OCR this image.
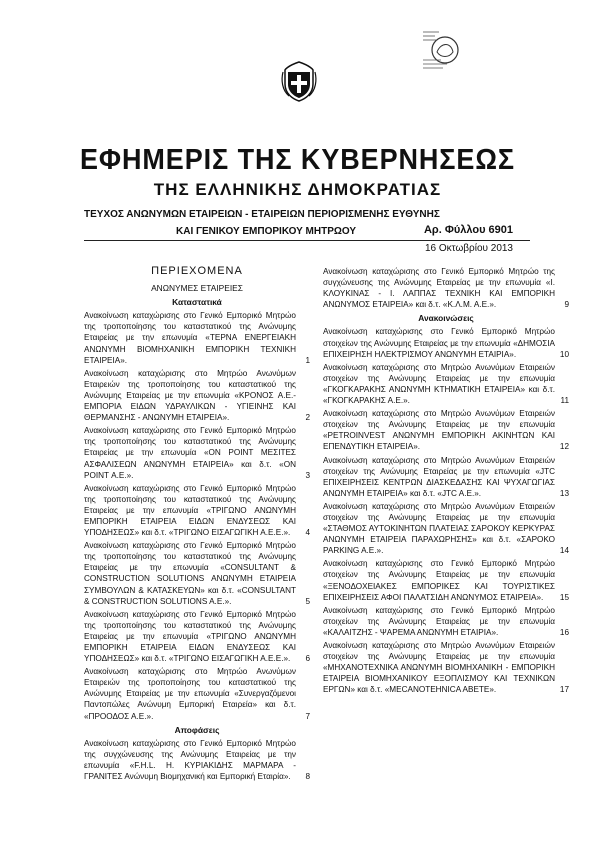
ΕΦΗΜΕΡΙΣ ΤΗΣ ΚΥΒΕΡΝΗΣΕΩΣ
ΤΗΣ ΕΛΛΗΝΙΚΗΣ ΔΗΜΟΚΡΑΤΙΑΣ
ΤΕΥΧΟΣ ΑΝΩΝΥΜΩΝ ΕΤΑΙΡΕΙΩΝ - ΕΤΑΙΡΕΙΩΝ ΠΕΡΙΟΡΙΣΜΕΝΗΣ ΕΥΘΥΝΗΣ
ΚΑΙ ΓΕΝΙΚΟΥ ΕΜΠΟΡΙΚΟΥ ΜΗΤΡΩΟΥ	Αρ. Φύλλου 6901
16 Οκτωβρίου 2013
ΠΕΡΙΕΧΟΜΕΝΑ
ΑΝΩΝΥΜΕΣ ΕΤΑΙΡΕΙΕΣ
Καταστατικά
Ανακοίνωση καταχώρισης στο Γενικό Εμπορικό Μητρώο της τροποποίησης του καταστατικού της Ανώνυμης Εταιρείας με την επωνυμία «ΤΕΡΝΑ ΕΝΕΡΓΕΙΑΚΗ ΑΝΩΝΥΜΗ ΒΙΟΜΗΧΑΝΙΚΗ ΕΜΠΟΡΙΚΗ ΤΕΧΝΙΚΗ ΕΤΑΙΡΕΙΑ».	1
Ανακοίνωση καταχώρισης στο Μητρώο Ανωνύμων Εταιρειών της τροποποίησης του καταστατικού της Ανώνυμης Εταιρείας με την επωνυμία «ΚΡΟΝΟΣ Α.Ε.- ΕΜΠΟΡΙΑ ΕΙΔΩΝ ΥΔΡΑΥΛΙΚΩΝ - ΥΓΙΕΙΝΗΣ ΚΑΙ ΘΕΡΜΑΝΣΗΣ - ΑΝΩΝΥΜΗ ΕΤΑΙΡΕΙΑ».	2
Ανακοίνωση καταχώρισης στο Γενικό Εμπορικό Μητρώο της τροποποίησης του καταστατικού της Ανώνυμης Εταιρείας με την επωνυμία «ON POINT ΜΕΣΙΤΕΣ ΑΣΦΑΛΙΣΕΩΝ ΑΝΩΝΥΜΗ ΕΤΑΙΡΕΙΑ» και δ.τ. «ON POINT Α.Ε.».	3
Ανακοίνωση καταχώρισης στο Γενικό Εμπορικό Μητρώο της τροποποίησης του καταστατικού της Ανώνυμης Εταιρείας με την επωνυμία «ΤΡΙΓΩΝΟ ΑΝΩΝΥΜΗ ΕΜΠΟΡΙΚΗ ΕΤΑΙΡΕΙΑ ΕΙΔΩΝ ΕΝΔΥΣΕΩΣ ΚΑΙ ΥΠΟΔΗΣΕΩΣ» και δ.τ. «ΤΡΙΓΩΝΟ ΕΙΣΑΓΩΓΙΚΗ Α.Ε.Ε.».	4
Ανακοίνωση καταχώρισης στο Γενικό Εμπορικό Μητρώο της τροποποίησης του καταστατικού της Ανώνυμης Εταιρείας με την επωνυμία «CONSULTANT & CONSTRUCTION SOLUTIONS ΑΝΩΝΥΜΗ ΕΤΑΙΡΕΙΑ ΣΥΜΒΟΥΛΩΝ & ΚΑΤΑΣΚΕΥΩΝ» και δ.τ. «CONSULTANT & CONSTRUCTION SOLUTIONS A.E.».	5
Ανακοίνωση καταχώρισης στο Γενικό Εμπορικό Μητρώο της τροποποίησης του καταστατικού της Ανώνυμης Εταιρείας με την επωνυμία «ΤΡΙΓΩΝΟ ΑΝΩΝΥΜΗ ΕΜΠΟΡΙΚΗ ΕΤΑΙΡΕΙΑ ΕΙΔΩΝ ΕΝΔΥΣΕΩΣ ΚΑΙ ΥΠΟΔΗΣΕΩΣ» και δ.τ. «ΤΡΙΓΩΝΟ ΕΙΣΑΓΩΓΙΚΗ Α.Ε.Ε.».	6
Ανακοίνωση καταχώρισης στο Μητρώο Ανωνύμων Εταιρειών της τροποποίησης του καταστατικού της Ανώνυμης Εταιρείας με την επωνυμία «Συνεργαζόμενοι Παντοπώλες Ανώνυμη Εμπορική Εταιρεία» και δ.τ. «ΠΡΟΟΔΟΣ Α.Ε.».	7
Αποφάσεις
Ανακοίνωση καταχώρισης στο Γενικό Εμπορικό Μητρώο της συγχώνευσης της Ανώνυμης Εταιρείας με την επωνυμία «F.H.L. Η. ΚΥΡΙΑΚΙΔΗΣ ΜΑΡΜΑΡΑ - ΓΡΑΝΙΤΕΣ Ανώνυμη Βιομηχανική και Εμπορική Εταιρία».	8
Ανακοίνωση καταχώρισης στο Γενικό Εμπορικό Μητρώο της συγχώνευσης της Ανώνυμης Εταιρείας με την επωνυμία «Ι. ΚΛΟΥΚΙΝΑΣ - Ι. ΛΑΠΠΑΣ ΤΕΧΝΙΚΗ ΚΑΙ ΕΜΠΟΡΙΚΗ ΑΝΩΝΥΜΟΣ ΕΤΑΙΡΕΙΑ» και δ.τ. «Κ.Λ.Μ. Α.Ε.».	9
Ανακοινώσεις
Ανακοίνωση καταχώρισης στο Γενικό Εμπορικό Μητρώο στοιχείων της Ανώνυμης Εταιρείας με την επωνυμία «ΔΗΜΟΣΙΑ ΕΠΙΧΕΙΡΗΣΗ ΗΛΕΚΤΡΙΣΜΟΥ ΑΝΩΝΥΜΗ ΕΤΑΙΡΙΑ».	10
Ανακοίνωση καταχώρισης στο Μητρώο Ανωνύμων Εταιρειών στοιχείων της Ανώνυμης Εταιρείας με την επωνυμία «ΓΚΟΓΚΑΡΑΚΗΣ ΑΝΩΝΥΜΗ ΚΤΗΜΑΤΙΚΗ ΕΤΑΙΡΕΙΑ» και δ.τ. «ΓΚΟΓΚΑΡΑΚΗΣ Α.Ε.».	11
Ανακοίνωση καταχώρισης στο Μητρώο Ανωνύμων Εταιρειών στοιχείων της Ανώνυμης Εταιρείας με την επωνυμία «PETROINVEST ΑΝΩΝΥΜΗ ΕΜΠΟΡΙΚΗ ΑΚΙΝΗΤΩΝ ΚΑΙ ΕΠΕΝΔΥΤΙΚΗ ΕΤΑΙΡΕΙΑ».	12
Ανακοίνωση καταχώρισης στο Μητρώο Ανωνύμων Εταιρειών στοιχείων της Ανώνυμης Εταιρείας με την επωνυμία «JTC ΕΠΙΧΕΙΡΗΣΕΙΣ ΚΕΝΤΡΩΝ ΔΙΑΣΚΕΔΑΣΗΣ ΚΑΙ ΨΥΧΑΓΩΓΙΑΣ ΑΝΩΝΥΜΗ ΕΤΑΙΡΕΙΑ» και δ.τ. «JTC A.E.».	13
Ανακοίνωση καταχώρισης στο Μητρώο Ανωνύμων Εταιρειών στοιχείων της Ανώνυμης Εταιρείας με την επωνυμία «ΣΤΑΘΜΟΣ ΑΥΤΟΚΙΝΗΤΩΝ ΠΛΑΤΕΙΑΣ ΣΑΡΟΚΟΥ ΚΕΡΚΥΡΑΣ ΑΝΩΝΥΜΗ ΕΤΑΙΡΕΙΑ ΠΑΡΑΧΩΡΗΣΗΣ» και δ.τ. «ΣΑΡΟΚΟ PARKING A.E.».	14
Ανακοίνωση καταχώρισης στο Γενικό Εμπορικό Μητρώο στοιχείων της Ανώνυμης Εταιρείας με την επωνυμία «ΞΕΝΟΔΟΧΕΙΑΚΕΣ ΕΜΠΟΡΙΚΕΣ ΚΑΙ ΤΟΥΡΙΣΤΙΚΕΣ ΕΠΙΧΕΙΡΗΣΕΙΣ ΑΦΟΙ ΠΑΛΑΤΣΙΔΗ ΑΝΩΝΥΜΟΣ ΕΤΑΙΡΕΙΑ».	15
Ανακοίνωση καταχώρισης στο Γενικό Εμπορικό Μητρώο στοιχείων της Ανώνυμης Εταιρείας με την επωνυμία «ΚΑΛΑΙΤΖΗΣ - ΨΑΡΕΜΑ ΑΝΩΝΥΜΗ ΕΤΑΙΡΙΑ».	16
Ανακοίνωση καταχώρισης στο Μητρώο Ανωνύμων Εταιρειών στοιχείων της Ανώνυμης Εταιρείας με την επωνυμία «ΜΗΧΑΝΟΤΕΧΝΙΚΑ ΑΝΩΝΥΜΗ ΒΙΟΜΗΧΑΝΙΚΗ - ΕΜΠΟΡΙΚΗ ΕΤΑΙΡΕΙΑ ΒΙΟΜΗΧΑΝΙΚΟΥ ΕΞΟΠΛΙΣΜΟΥ ΚΑΙ ΤΕΧΝΙΚΩΝ ΕΡΓΩΝ» και δ.τ. «MECANOTEHNICA ABETE».	17
